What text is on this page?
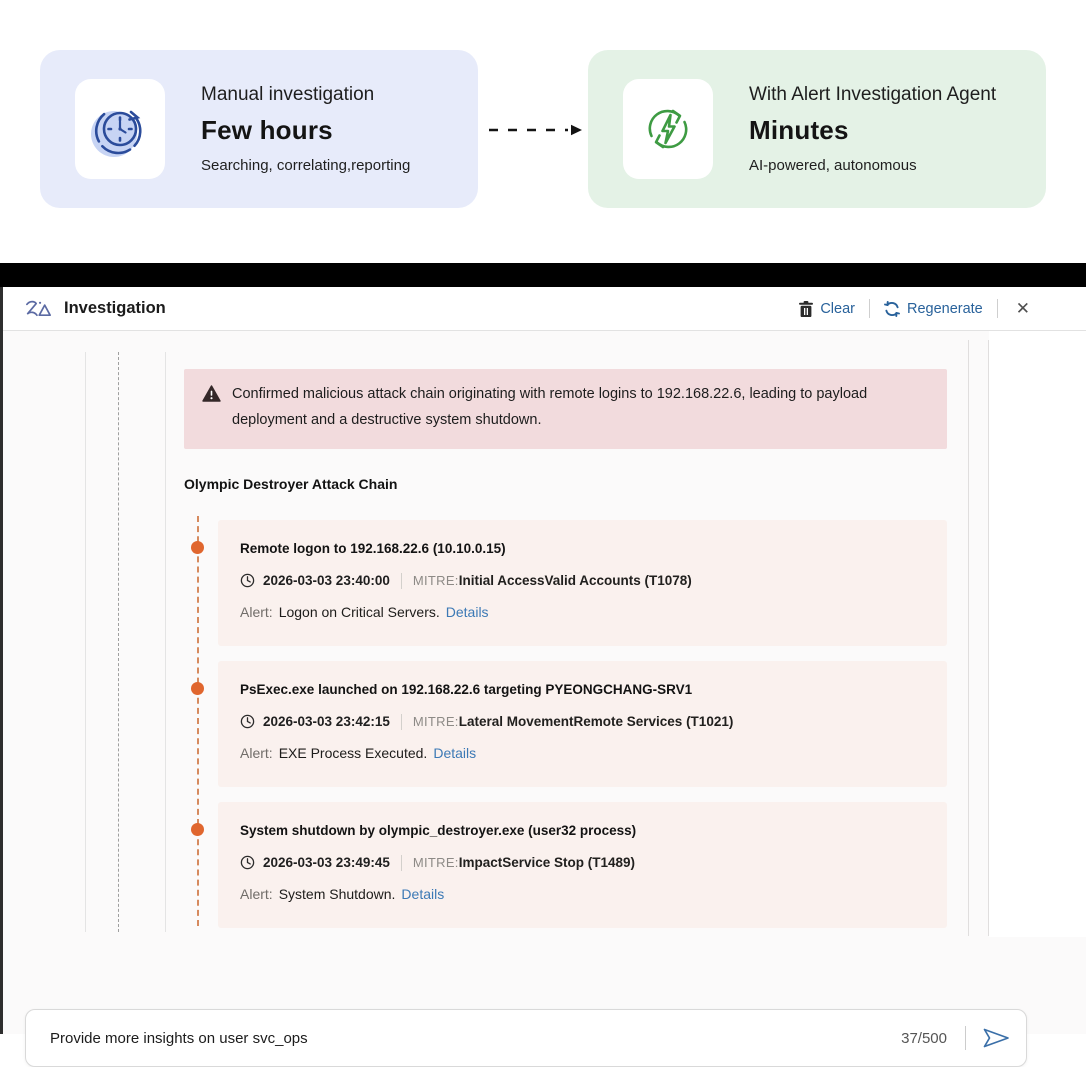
Manual investigation
Few hours
Searching, correlating,reporting
With Alert Investigation Agent
Minutes
AI-powered, autonomous
Investigation	Clear	Regenerate ✕
Confirmed malicious attack chain originating with remote logins to 192.168.22.6, leading to payload deployment and a destructive system shutdown.
Olympic Destroyer Attack Chain
Remote logon to 192.168.22.6 (10.10.0.15)
2026-03-03 23:40:00 MITRE: Initial AccessValid Accounts (T1078)
Alert: Logon on Critical Servers. Details
PsExec.exe launched on 192.168.22.6 targeting PYEONGCHANG-SRV1
2026-03-03 23:42:15 MITRE: Lateral MovementRemote Services (T1021)
Alert: EXE Process Executed. Details
System shutdown by olympic_destroyer.exe (user32 process)
2026-03-03 23:49:45 MITRE: ImpactService Stop (T1489)
Alert: System Shutdown. Details
Provide more insights on user svc_ops
37/500
